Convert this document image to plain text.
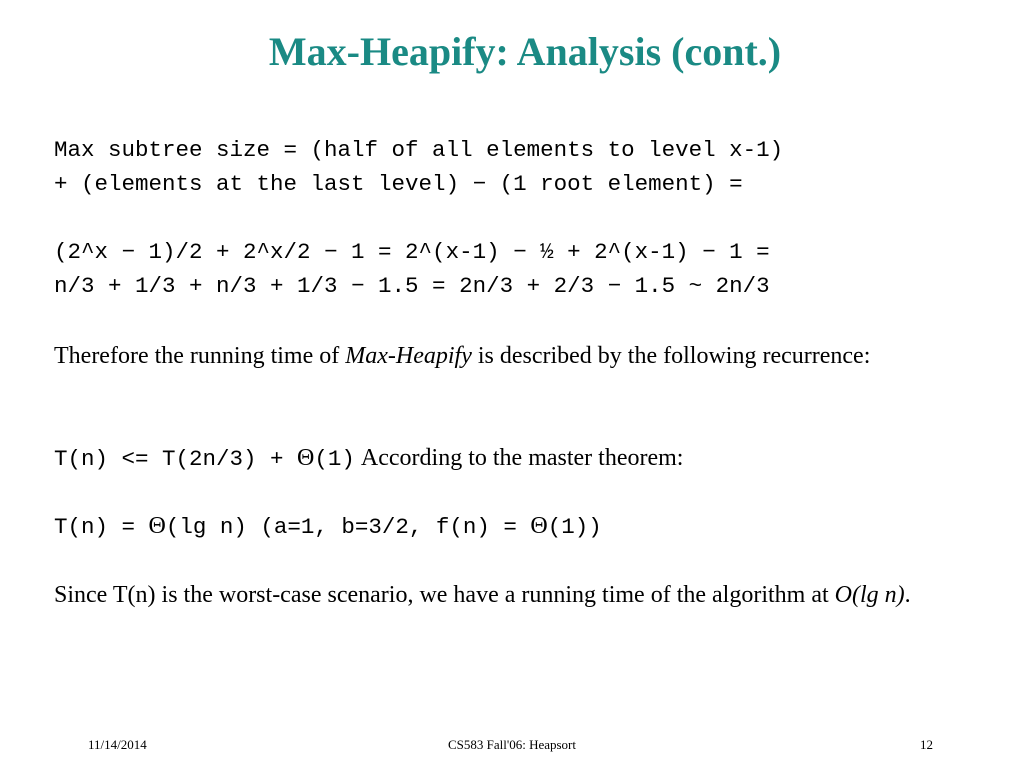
Max-Heapify: Analysis (cont.)

Max subtree size = (half of all elements to level x-1)

+ (elements at the last level) − (1 root element) =

(2^x − 1)/2 + 2^x/2 − 1 = 2^(x-1) − ½ + 2^(x-1) − 1 =

n/3 + 1/3 + n/3 + 1/3 − 1.5 = 2n/3 + 2/3 − 1.5 ~ 2n/3

Therefore the running time of Max-Heapify is described by the following recurrence:

T(n) <= T(2n/3) + Θ(1) According to the master theorem:

T(n) = Θ(lg n) (a=1, b=3/2, f(n) = Θ(1))

Since T(n) is the worst-case scenario, we have a running time of the algorithm at O(lg n).

11/14/2014	CS583 Fall'06: Heapsort	12
